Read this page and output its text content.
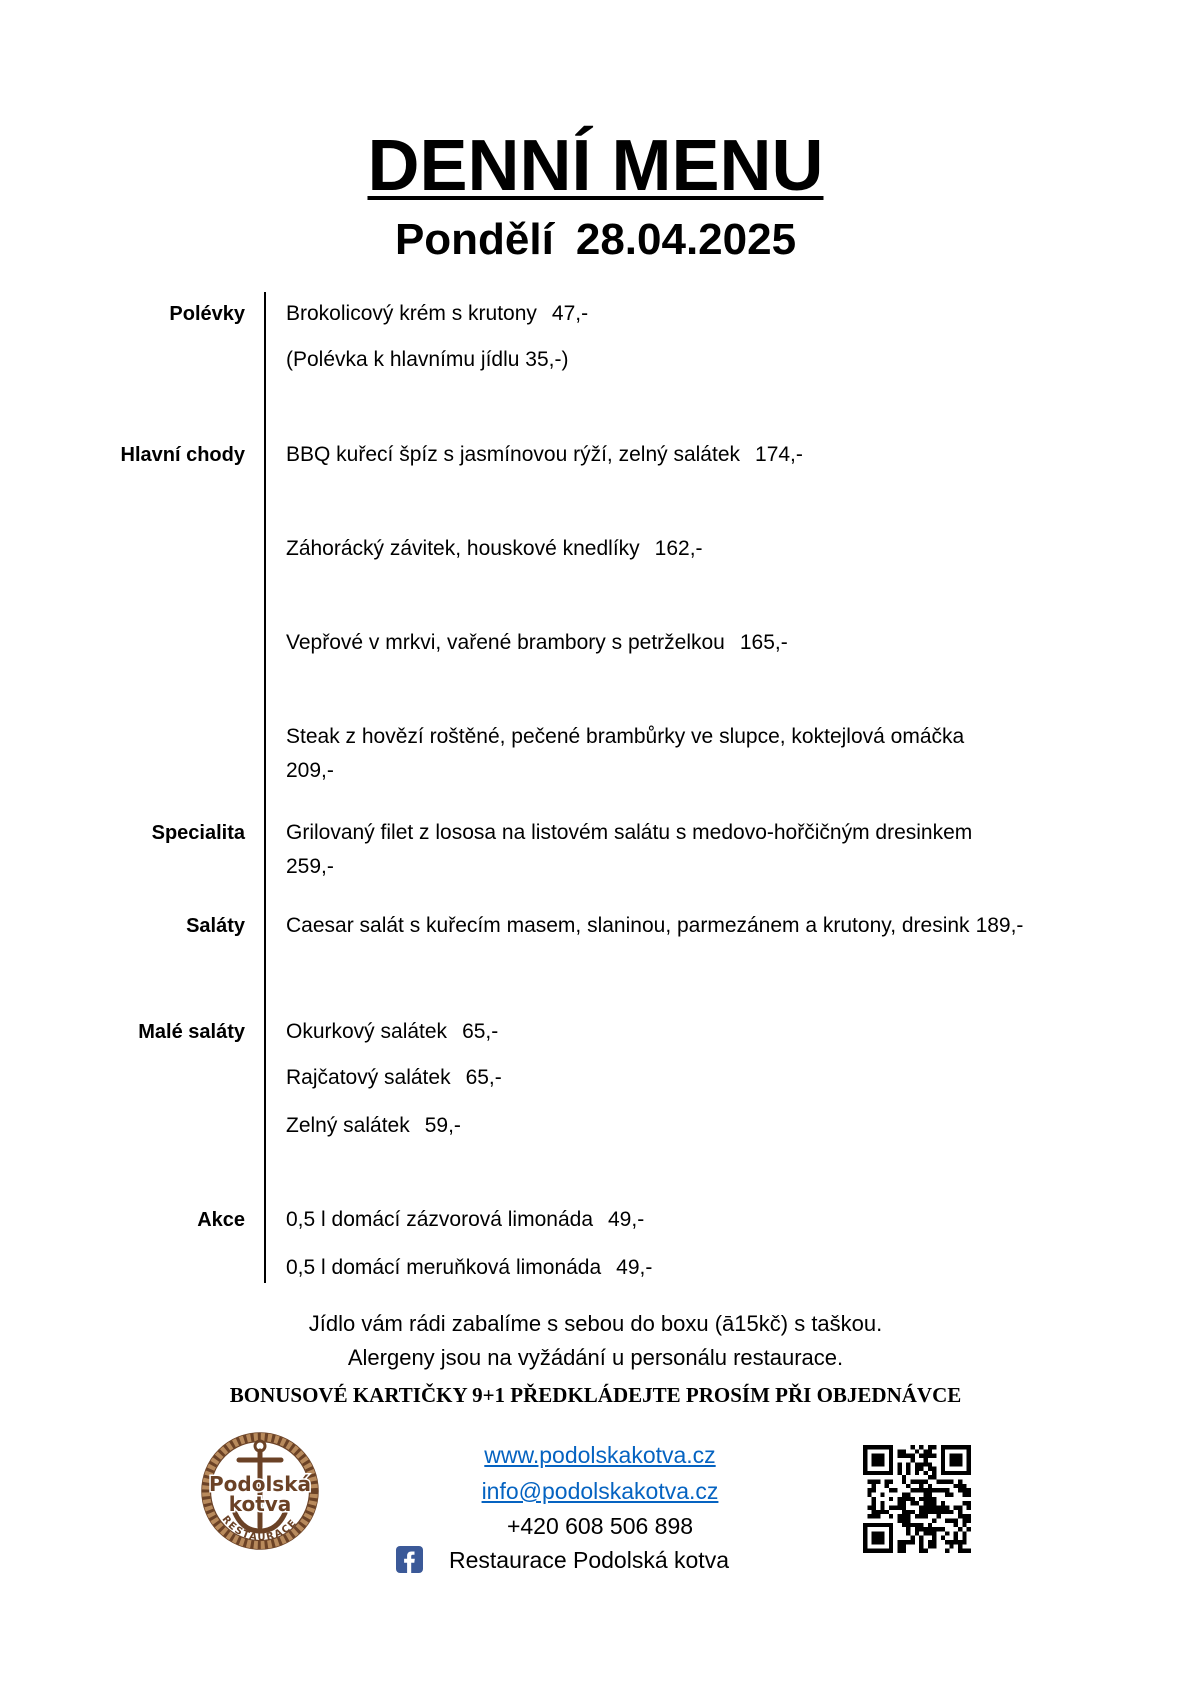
DENNÍ MENU
Pondělí 28.04.2025
Polévky Brokolicový krém s krutony 47,-
(Polévka k hlavnímu jídlu 35,-)
Hlavní chody BBQ kuřecí špíz s jasmínovou rýží, zelný salátek 174,-
Záhorácký závitek, houskové knedlíky 162,-
Vepřové v mrkvi, vařené brambory s petrželkou 165,-
Steak z hovězí roštěné, pečené brambůrky ve slupce, koktejlová omáčka
209,-
Specialita Grilovaný filet z lososa na listovém salátu s medovo-hořčičným dresinkem
259,-
Saláty Caesar salát s kuřecím masem, slaninou, parmezánem a krutony, dresink 189,-
Malé saláty Okurkový salátek 65,-
Rajčatový salátek 65,-
Zelný salátek 59,-
Akce 0,5 l domácí zázvorová limonáda 49,-
0,5 l domácí meruňková limonáda 49,-
Jídlo vám rádi zabalíme s sebou do boxu (ā15kč) s taškou.
Alergeny jsou na vyžádání u personálu restaurace.
BONUSOVÉ KARTIČKY 9+1 PŘEDKLÁDEJTE PROSÍM PŘI OBJEDNÁVCE
Podolská
kotva
RESTAURACE
www.podolskakotva.cz
info@podolskakotva.cz
+420 608 506 898
Restaurace Podolská kotva
